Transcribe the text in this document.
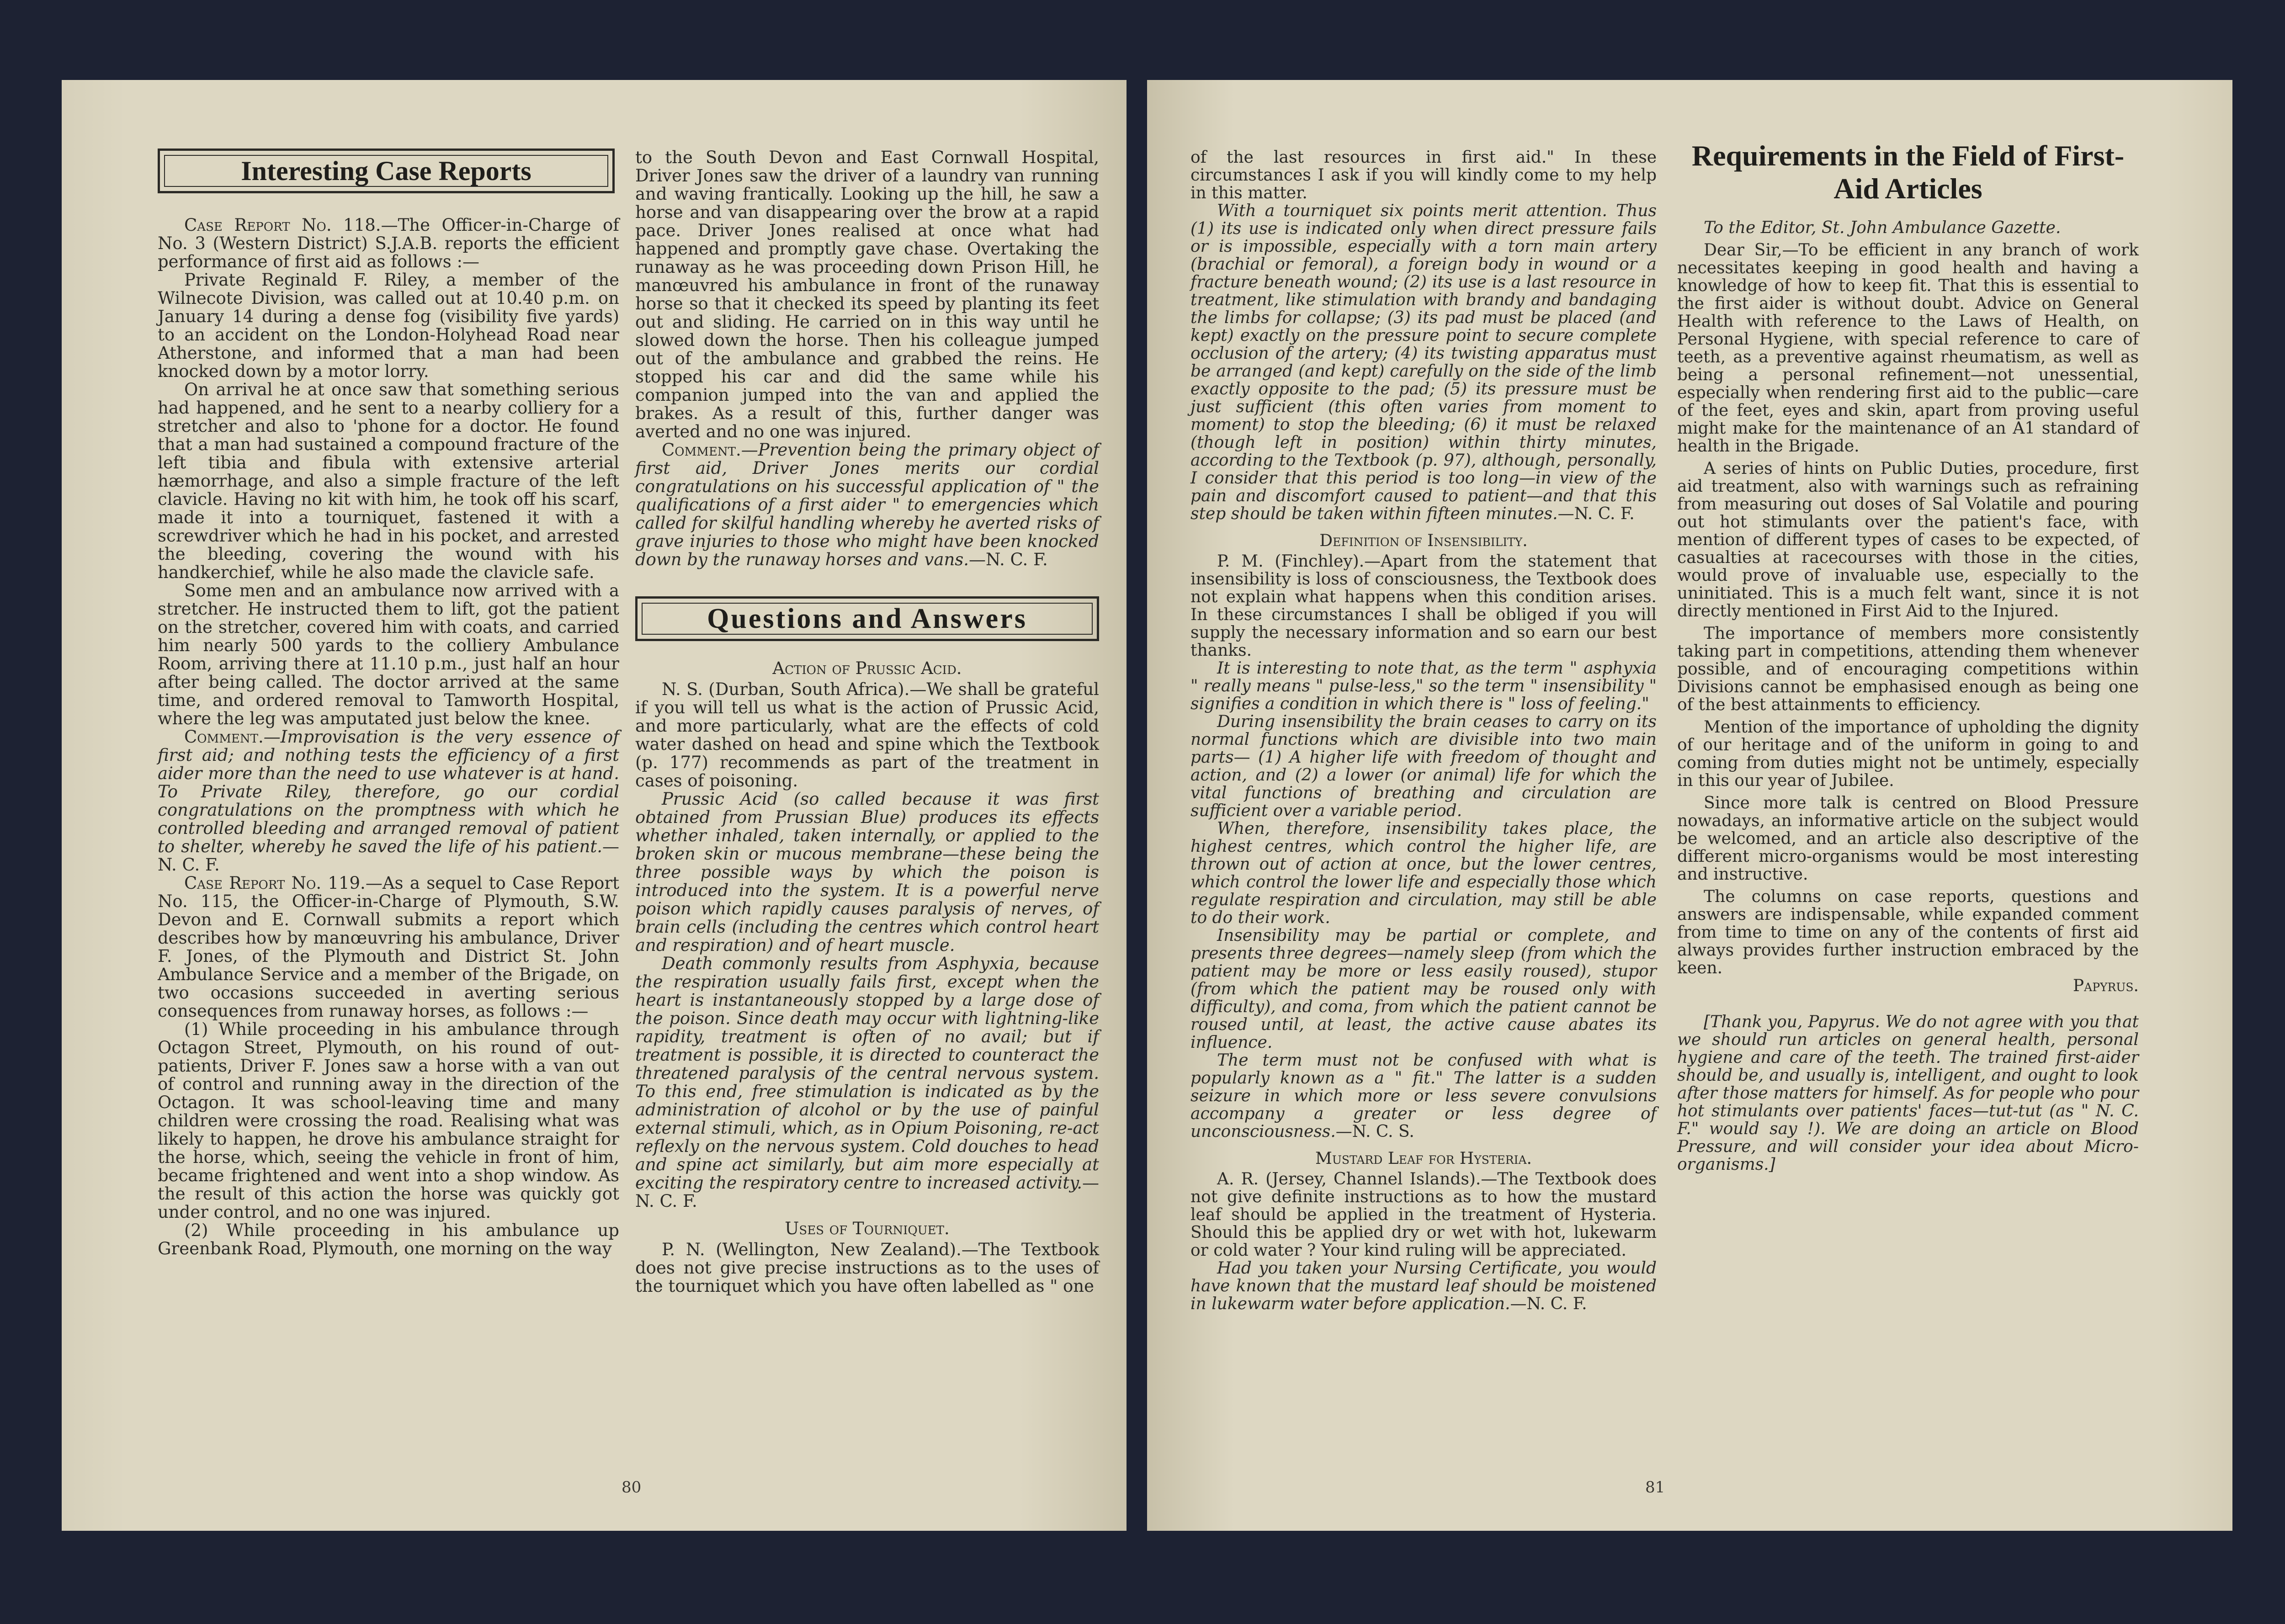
Interesting Case Reports

Case Report No. 118.—The Officer-in-Charge of No. 3 (Western District) S.J.A.B. reports the efficient performance of first aid as follows :—

Private Reginald F. Riley, a member of the Wilnecote Division, was called out at 10.40 p.m. on January 14 during a dense fog (visibility five yards) to an accident on the London-Holyhead Road near Atherstone, and informed that a man had been knocked down by a motor lorry.

On arrival he at once saw that something serious had happened, and he sent to a nearby colliery for a stretcher and also to 'phone for a doctor. He found that a man had sustained a compound fracture of the left tibia and fibula with extensive arterial hæmorrhage, and also a simple fracture of the left clavicle. Having no kit with him, he took off his scarf, made it into a tourniquet, fastened it with a screwdriver which he had in his pocket, and arrested the bleeding, covering the wound with his handkerchief, while he also made the clavicle safe.

Some men and an ambulance now arrived with a stretcher. He instructed them to lift, got the patient on the stretcher, covered him with coats, and carried him nearly 500 yards to the colliery Ambulance Room, arriving there at 11.10 p.m., just half an hour after being called. The doctor arrived at the same time, and ordered removal to Tamworth Hospital, where the leg was amputated just below the knee.

Comment.—Improvisation is the very essence of first aid; and nothing tests the efficiency of a first aider more than the need to use whatever is at hand. To Private Riley, therefore, go our cordial congratulations on the promptness with which he controlled bleeding and arranged removal of patient to shelter, whereby he saved the life of his patient.—N. C. F.

Case Report No. 119.—As a sequel to Case Report No. 115, the Officer-in-Charge of Plymouth, S.W. Devon and E. Cornwall submits a report which describes how by manœuvring his ambulance, Driver F. Jones, of the Plymouth and District St. John Ambulance Service and a member of the Brigade, on two occasions succeeded in averting serious consequences from runaway horses, as follows :—

(1) While proceeding in his ambulance through Octagon Street, Plymouth, on his round of out-patients, Driver F. Jones saw a horse with a van out of control and running away in the direction of the Octagon. It was school-leaving time and many children were crossing the road. Realising what was likely to happen, he drove his ambulance straight for the horse, which, seeing the vehicle in front of him, became frightened and went into a shop window. As the result of this action the horse was quickly got under control, and no one was injured.

(2) While proceeding in his ambulance up Greenbank Road, Plymouth, one morning on the way

to the South Devon and East Cornwall Hospital, Driver Jones saw the driver of a laundry van running and waving frantically. Looking up the hill, he saw a horse and van disappearing over the brow at a rapid pace. Driver Jones realised at once what had happened and promptly gave chase. Overtaking the runaway as he was proceeding down Prison Hill, he manœuvred his ambulance in front of the runaway horse so that it checked its speed by planting its feet out and sliding. He carried on in this way until he slowed down the horse. Then his colleague jumped out of the ambulance and grabbed the reins. He stopped his car and did the same while his companion jumped into the van and applied the brakes. As a result of this, further danger was averted and no one was injured.

Comment.—Prevention being the primary object of first aid, Driver Jones merits our cordial congratulations on his successful application of " the qualifications of a first aider " to emergencies which called for skilful handling whereby he averted risks of grave injuries to those who might have been knocked down by the runaway horses and vans.—N. C. F.

Questions and Answers
Action of Prussic Acid.

N. S. (Durban, South Africa).—We shall be grateful if you will tell us what is the action of Prussic Acid, and more particularly, what are the effects of cold water dashed on head and spine which the Textbook (p. 177) recommends as part of the treatment in cases of poisoning.

Prussic Acid (so called because it was first obtained from Prussian Blue) produces its effects whether inhaled, taken internally, or applied to the broken skin or mucous membrane—these being the three possible ways by which the poison is introduced into the system. It is a powerful nerve poison which rapidly causes paralysis of nerves, of brain cells (including the centres which control heart and respiration) and of heart muscle.

Death commonly results from Asphyxia, because the respiration usually fails first, except when the heart is instantaneously stopped by a large dose of the poison. Since death may occur with lightning-like rapidity, treatment is often of no avail; but if treatment is possible, it is directed to counteract the threatened paralysis of the central nervous system. To this end, free stimulation is indicated as by the administration of alcohol or by the use of painful external stimuli, which, as in Opium Poisoning, re-act reflexly on the nervous system. Cold douches to head and spine act similarly, but aim more especially at exciting the respiratory centre to increased activity.—N. C. F.

Uses of Tourniquet.

P. N. (Wellington, New Zealand).—The Textbook does not give precise instructions as to the uses of the tourniquet which you have often labelled as " one

80

of the last resources in first aid." In these circumstances I ask if you will kindly come to my help in this matter.

With a tourniquet six points merit attention. Thus (1) its use is indicated only when direct pressure fails or is impossible, especially with a torn main artery (brachial or femoral), a foreign body in wound or a fracture beneath wound; (2) its use is a last resource in treatment, like stimulation with brandy and bandaging the limbs for collapse; (3) its pad must be placed (and kept) exactly on the pressure point to secure complete occlusion of the artery; (4) its twisting apparatus must be arranged (and kept) carefully on the side of the limb exactly opposite to the pad; (5) its pressure must be just sufficient (this often varies from moment to moment) to stop the bleeding; (6) it must be relaxed (though left in position) within thirty minutes, according to the Textbook (p. 97), although, personally, I consider that this period is too long—in view of the pain and discomfort caused to patient—and that this step should be taken within fifteen minutes.—N. C. F.

Definition of Insensibility.

P. M. (Finchley).—Apart from the statement that insensibility is loss of consciousness, the Textbook does not explain what happens when this condition arises. In these circumstances I shall be obliged if you will supply the necessary information and so earn our best thanks.

It is interesting to note that, as the term " asphyxia " really means " pulse-less," so the term " insensibility " signifies a condition in which there is " loss of feeling."

During insensibility the brain ceases to carry on its normal functions which are divisible into two main parts— (1) A higher life with freedom of thought and action, and (2) a lower (or animal) life for which the vital functions of breathing and circulation are sufficient over a variable period.

When, therefore, insensibility takes place, the highest centres, which control the higher life, are thrown out of action at once, but the lower centres, which control the lower life and especially those which regulate respiration and circulation, may still be able to do their work.

Insensibility may be partial or complete, and presents three degrees—namely sleep (from which the patient may be more or less easily roused), stupor (from which the patient may be roused only with difficulty), and coma, from which the patient cannot be roused until, at least, the active cause abates its influence.

The term must not be confused with what is popularly known as a " fit." The latter is a sudden seizure in which more or less severe convulsions accompany a greater or less degree of unconsciousness.—N. C. S.

Mustard Leaf for Hysteria.

A. R. (Jersey, Channel Islands).—The Textbook does not give definite instructions as to how the mustard leaf should be applied in the treatment of Hysteria. Should this be applied dry or wet with hot, lukewarm or cold water ? Your kind ruling will be appreciated.

Had you taken your Nursing Certificate, you would have known that the mustard leaf should be moistened in lukewarm water before application.—N. C. F.

Requirements in the Field of First-Aid Articles

To the Editor, St. John Ambulance Gazette.

Dear Sir,—To be efficient in any branch of work necessitates keeping in good health and having a knowledge of how to keep fit. That this is essential to the first aider is without doubt. Advice on General Health with reference to the Laws of Health, on Personal Hygiene, with special reference to care of teeth, as a preventive against rheumatism, as well as being a personal refinement—not unessential, especially when rendering first aid to the public—care of the feet, eyes and skin, apart from proving useful might make for the maintenance of an A1 standard of health in the Brigade.

A series of hints on Public Duties, procedure, first aid treatment, also with warnings such as refraining from measuring out doses of Sal Volatile and pouring out hot stimulants over the patient's face, with mention of different types of cases to be expected, of casualties at racecourses with those in the cities, would prove of invaluable use, especially to the uninitiated. This is a much felt want, since it is not directly mentioned in First Aid to the Injured.

The importance of members more consistently taking part in competitions, attending them whenever possible, and of encouraging competitions within Divisions cannot be emphasised enough as being one of the best attainments to efficiency.

Mention of the importance of upholding the dignity of our heritage and of the uniform in going to and coming from duties might not be untimely, especially in this our year of Jubilee.

Since more talk is centred on Blood Pressure nowadays, an informative article on the subject would be welcomed, and an article also descriptive of the different micro-organisms would be most interesting and instructive.

The columns on case reports, questions and answers are indispensable, while expanded comment from time to time on any of the contents of first aid always provides further instruction embraced by the keen.

Papyrus.

[Thank you, Papyrus. We do not agree with you that we should run articles on general health, personal hygiene and care of the teeth. The trained first-aider should be, and usually is, intelligent, and ought to look after those matters for himself. As for people who pour hot stimulants over patients' faces—tut-tut (as " N. C. F." would say !). We are doing an article on Blood Pressure, and will consider your idea about Micro-organisms.]

81
